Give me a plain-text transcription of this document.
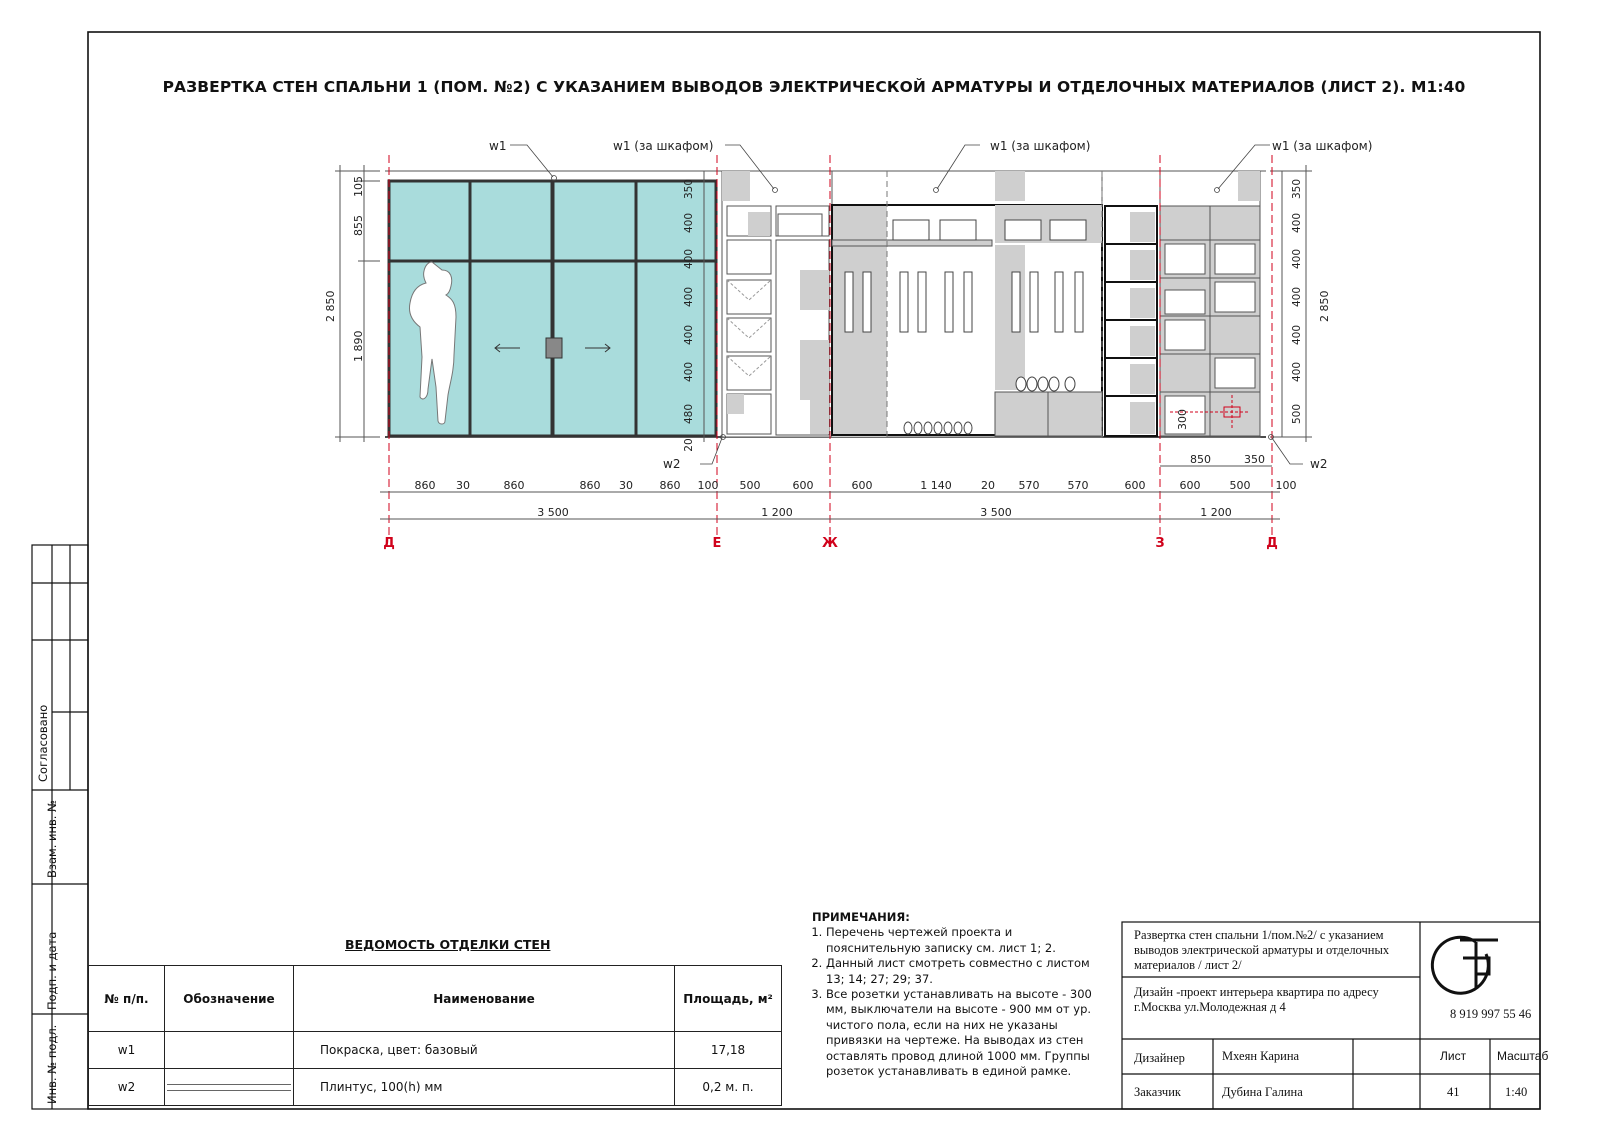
w1	w1 (за шкафом)	w1 (за шкафом)	w1 (за шкафом)
w2	w2
2 850
105
855
1 890
2 850
300
850	350
350
400
400
400
400
400
480
20
350
400
400
400
400
400
500
860 30	860	860 30 860 100 500	600	600	1 140	20 570	570	600	600	500 100
3 500	1 200	3 500	1 200
Д	Е	Ж	З	Д
РАЗВЕРТКА СТЕН СПАЛЬНИ 1 (ПОМ. №2) С УКАЗАНИЕМ ВЫВОДОВ ЭЛЕКТРИЧЕСКОЙ АРМАТУРЫ И ОТДЕЛОЧНЫХ МАТЕРИАЛОВ (ЛИСТ 2). М1:40
Согласовано
Взам. инв. №
Подп. и дата
Инв. № подл.
ВЕДОМОСТЬ ОТДЕЛКИ СТЕН
№ п/п.	Обозначение	Наименование	Площадь, м²
w1		Покраска, цвет: базовый	17,18
w2		Плинтус, 100(h) мм	0,2 м. п.
ПРИМЕЧАНИЯ:
1. Перечень чертежей проекта и пояснительную записку см. лист 1; 2.
2. Данный лист смотреть совместно с листом 13; 14; 27; 29; 37.
3. Все розетки устанавливать на высоте - 300 мм, выключатели на высоте - 900 мм от ур. чистого пола, если на них не указаны привязки на чертеже. На выводах из стен оставлять провод длиной 1000 мм. Группы розеток устанавливать в единой рамке.
Развертка стен спальни 1/пом.№2/ с указанием выводов электрической арматуры и отделочных материалов / лист 2/
Дизайн -проект интерьера квартира по адресу г.Москва ул.Молодежная д 4	8 919 997 55 46
Дизайнер	Мхеян Карина
Заказчик	Дубина Галина
Лист	Масштаб
41	1:40
